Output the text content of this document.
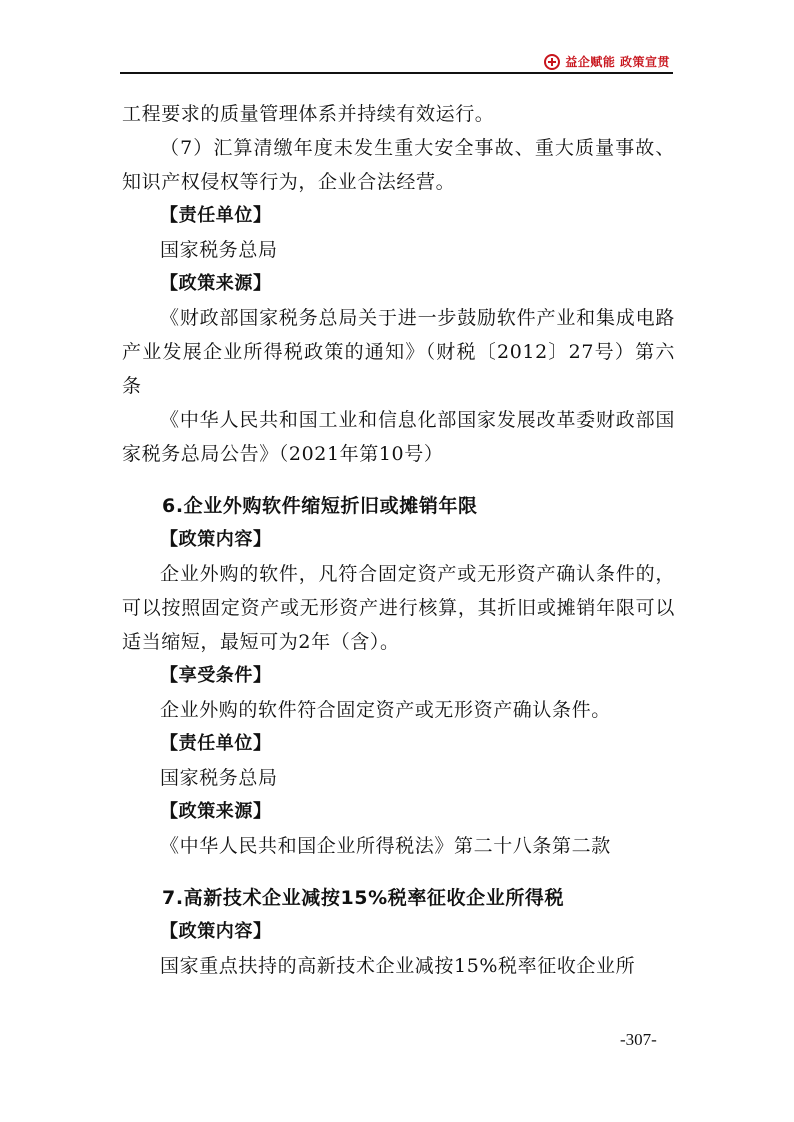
益企赋能 政策宣贯

工程要求的质量管理体系并持续有效运行。

（7）汇算清缴年度未发生重大安全事故、重大质量事故、知识产权侵权等行为，企业合法经营。

【责任单位】

国家税务总局

【政策来源】

《财政部国家税务总局关于进一步鼓励软件产业和集成电路产业发展企业所得税政策的通知》（财税〔2012〕27号）第六条

《中华人民共和国工业和信息化部国家发展改革委财政部国家税务总局公告》（2021年第10号）

6.企业外购软件缩短折旧或摊销年限

【政策内容】

企业外购的软件，凡符合固定资产或无形资产确认条件的，可以按照固定资产或无形资产进行核算，其折旧或摊销年限可以适当缩短，最短可为2年（含）。

【享受条件】

企业外购的软件符合固定资产或无形资产确认条件。

【责任单位】

国家税务总局

【政策来源】

《中华人民共和国企业所得税法》第二十八条第二款

7.高新技术企业减按15%税率征收企业所得税

【政策内容】

国家重点扶持的高新技术企业减按15%税率征收企业所

-307-
